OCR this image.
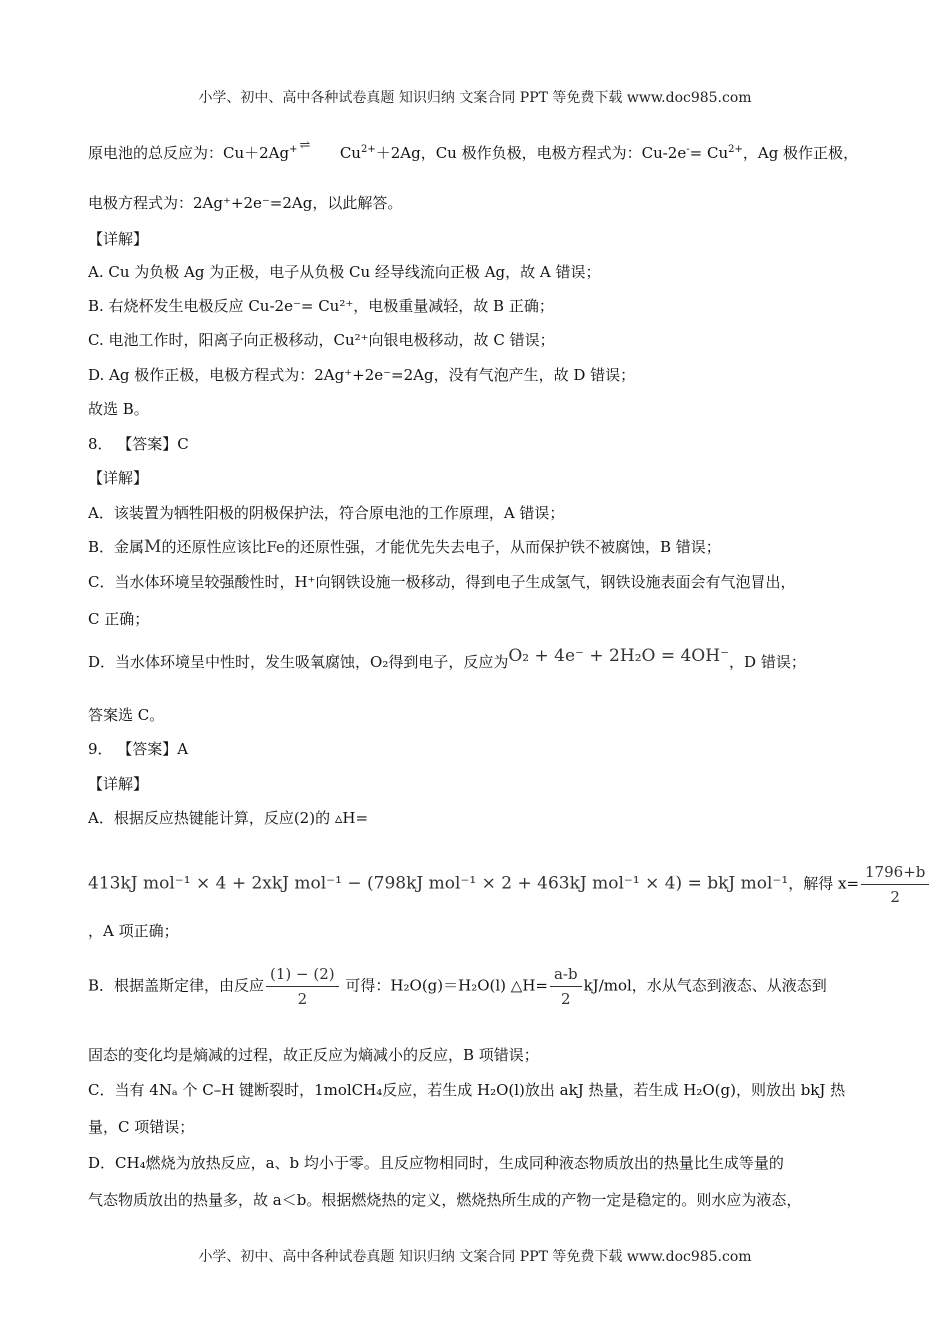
小学、初中、高中各种试卷真题 知识归纳 文案合同 PPT 等免费下载 www.doc985.com
原电池的总反应为：Cu＋2Ag+ ⇌ $Cu^{2+}+2Ag$，Cu 极作负极，电极方程式为：$Cu-2e^-= Cu^{2+}$，Ag 极作正极，
电极方程式为：2Ag⁺+2e⁻=2Ag，以此解答。
【详解】
A. Cu 为负极 Ag 为正极，电子从负极 Cu 经导线流向正极 Ag，故 A 错误；
B. 右烧杯发生电极反应 Cu-2e⁻= Cu²⁺，电极重量减轻，故 B 正确；
C. 电池工作时，阳离子向正极移动，Cu²⁺向银电极移动，故 C 错误；
D. Ag 极作正极，电极方程式为：2Ag⁺+2e⁻=2Ag，没有气泡产生，故 D 错误；
故选 B。
8． 【答案】C
【详解】
A．该装置为牺牲阳极的阴极保护法，符合原电池的工作原理，A 错误；
B．金属M的还原性应该比Fe的还原性强，才能优先失去电子，从而保护铁不被腐蚀，B 错误；
C．当水体环境呈较强酸性时，H⁺向钢铁设施一极移动，得到电子生成氢气，钢铁设施表面会有气泡冒出，
C 正确；
D．当水体环境呈中性时，发生吸氧腐蚀，O₂得到电子，反应为O₂ + 4e⁻ + 2H₂O = 4OH⁻，D 错误；
答案选 C。
9． 【答案】A
【详解】
A．根据反应热键能计算，反应(2)的 ▵H=
413kJ mol⁻¹ × 4 + 2xkJ mol⁻¹ − (798kJ mol⁻¹ × 2 + 463kJ mol⁻¹ × 4) = bkJ mol⁻¹，解得 $x= \frac{1796+b}{2}$
，A 项正确；
B．根据盖斯定律，由反应 $\frac{(1) - (2)}{2}$ 可得：H₂O(g)＝H₂O(l) △H= $\frac{a-b}{2} kJ/mol$，水从气态到液态、从液态到
固态的变化均是熵减的过程，故正反应为熵减小的反应，B 项错误；
C．当有 4Nₐ 个 C–H 键断裂时，1molCH₄反应，若生成 H₂O(l)放出 akJ 热量，若生成 H₂O(g)，则放出 bkJ 热
量，C 项错误；
D．CH₄燃烧为放热反应，a、b 均小于零。且反应物相同时，生成同种液态物质放出的热量比生成等量的
气态物质放出的热量多，故 a＜b。根据燃烧热的定义，燃烧热所生成的产物一定是稳定的。则水应为液态，
小学、初中、高中各种试卷真题 知识归纳 文案合同 PPT 等免费下载 www.doc985.com
